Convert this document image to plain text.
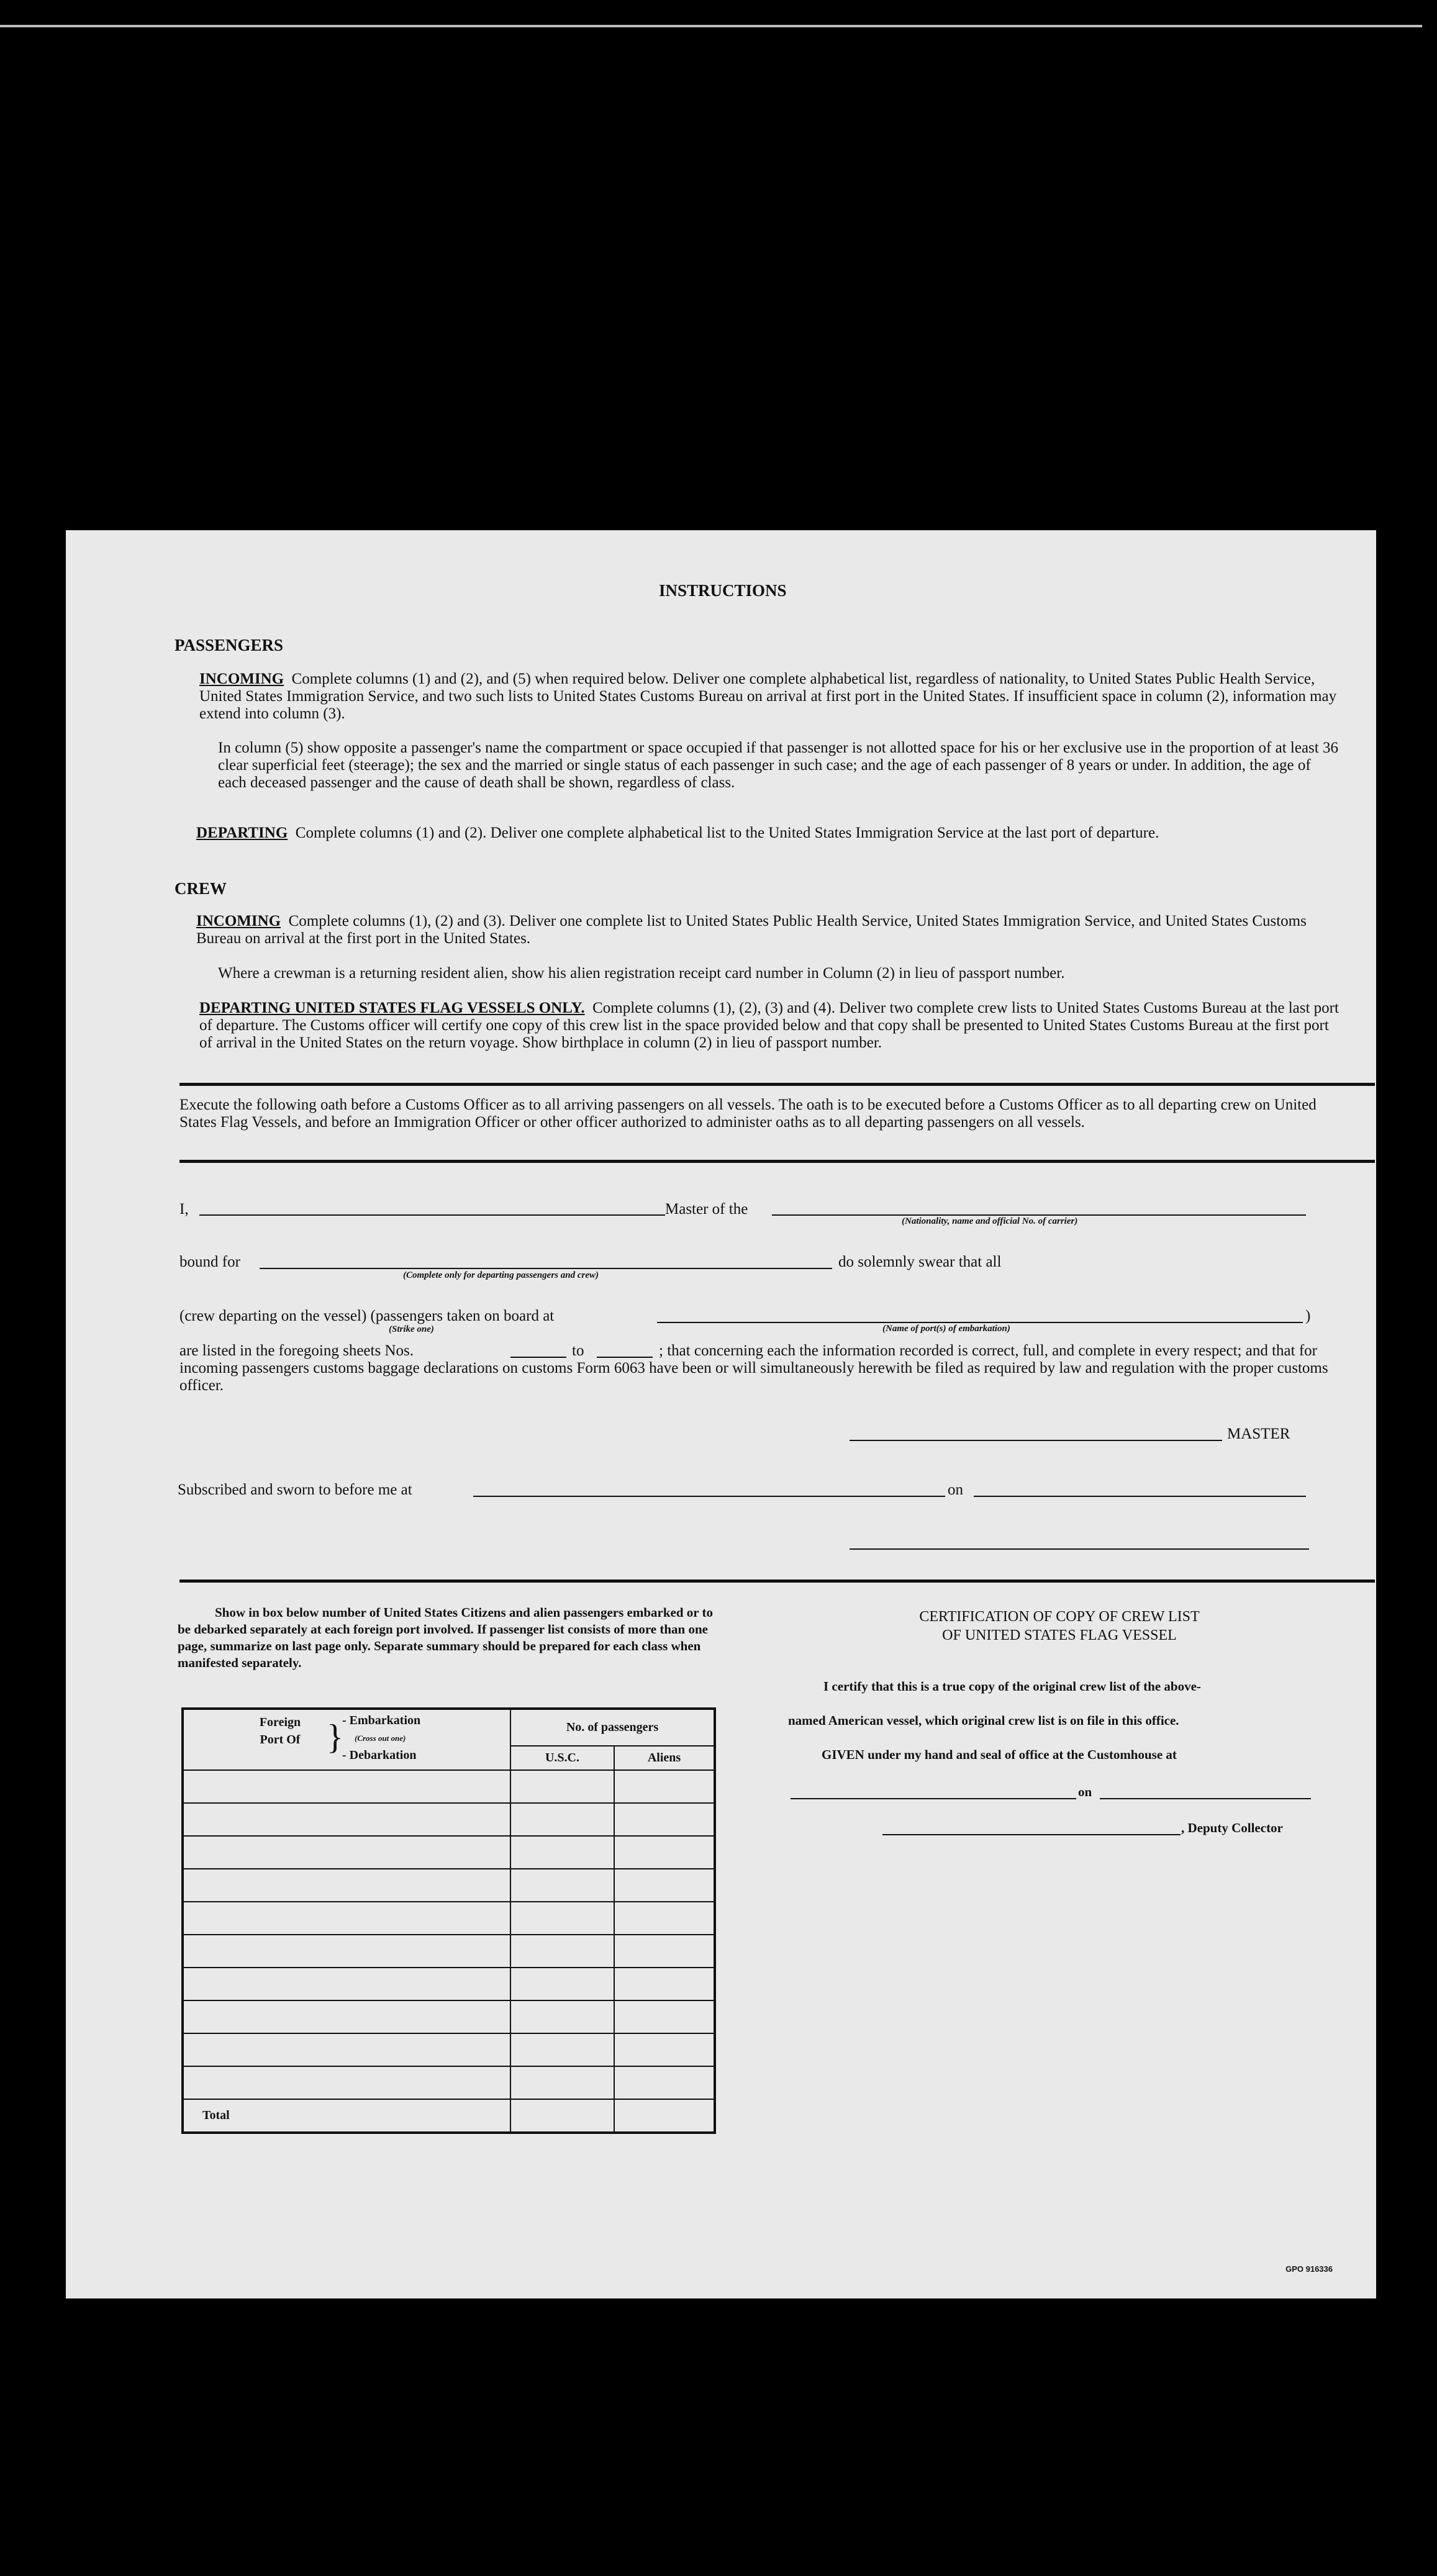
INSTRUCTIONS
PASSENGERS
INCOMING Complete columns (1) and (2), and (5) when required below. Deliver one complete alphabetical list, regardless of nationality, to United States Public Health Service, United States Immigration Service, and two such lists to United States Customs Bureau on arrival at first port in the United States. If insufficient space in column (2), information may extend into column (3).
In column (5) show opposite a passenger's name the compartment or space occupied if that passenger is not allotted space for his or her exclusive use in the proportion of at least 36 clear superficial feet (steerage); the sex and the married or single status of each passenger in such case; and the age of each passenger of 8 years or under. In addition, the age of each deceased passenger and the cause of death shall be shown, regardless of class.
DEPARTING Complete columns (1) and (2). Deliver one complete alphabetical list to the United States Immigration Service at the last port of departure.
CREW
INCOMING Complete columns (1), (2) and (3). Deliver one complete list to United States Public Health Service, United States Immigration Service, and United States Customs Bureau on arrival at the first port in the United States.
Where a crewman is a returning resident alien, show his alien registration receipt card number in Column (2) in lieu of passport number.
DEPARTING UNITED STATES FLAG VESSELS ONLY. Complete columns (1), (2), (3) and (4). Deliver two complete crew lists to United States Customs Bureau at the last port of departure. The Customs officer will certify one copy of this crew list in the space provided below and that copy shall be presented to United States Customs Bureau at the first port of arrival in the United States on the return voyage. Show birthplace in column (2) in lieu of passport number.
Execute the following oath before a Customs Officer as to all arriving passengers on all vessels. The oath is to be executed before a Customs Officer as to all departing crew on United States Flag Vessels, and before an Immigration Officer or other officer authorized to administer oaths as to all departing passengers on all vessels.
I,	Master of the
(Nationality, name and official No. of carrier)
bound for
(Complete only for departing passengers and crew)
do solemnly swear that all
(crew departing on the vessel) (passengers taken on board at	)
(Strike one)	(Name of port(s) of embarkation)
are listed in the foregoing sheets Nos.	to	; that concerning each the information recorded is correct, full, and complete in every respect; and that for incoming passengers customs baggage declarations on customs Form 6063 have been or will simultaneously herewith be filed as required by law and regulation with the proper customs officer.
MASTER
Subscribed and sworn to before me at	on
Show in box below number of United States Citizens and alien passengers embarked or to be debarked separately at each foreign port involved. If passenger list consists of more than one page, summarize on last page only. Separate summary should be prepared for each class when manifested separately.
Foreign Port Of }
- Embarkation
(Cross out one)
- Debarkation	No. of passengers	
	U.S.C.	Aliens

Total		
CERTIFICATION OF COPY OF CREW LIST
OF UNITED STATES FLAG VESSEL
I certify that this is a true copy of the original crew list of the above-
named American vessel, which original crew list is on file in this office.
GIVEN under my hand and seal of office at the Customhouse at
on
, Deputy Collector
GPO 916336
